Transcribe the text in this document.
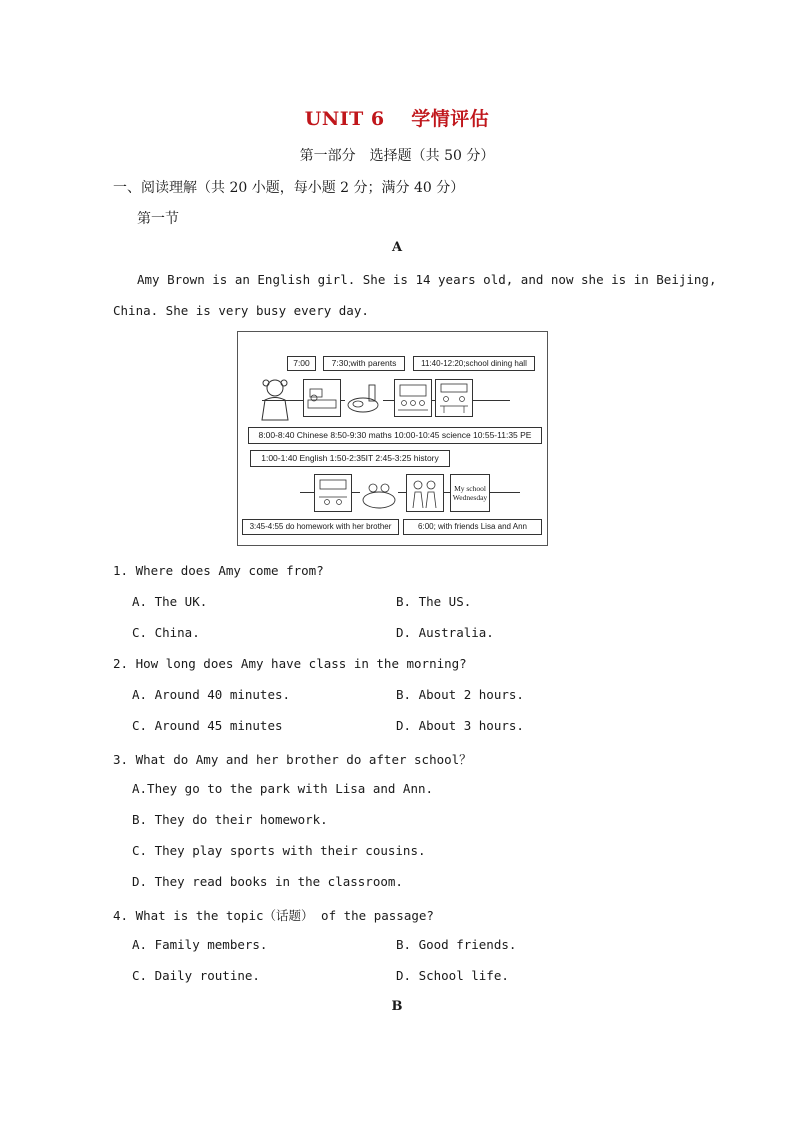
UNIT 6　 学情评估
第一部分　选择题（共 50 分）
一、阅读理解（共 20 小题，每小题 2 分；满分 40 分）
第一节
A
Amy Brown is an English girl. She is 14 years old, and now she is in Beijing,
China. She is very busy every day.
7:00	7:30;with parents	11:40-12:20;school dining hall
8:00-8:40 Chinese 8:50-9:30 maths 10:00-10:45 science 10:55-11:35 PE
1:00-1:40 English 1:50-2:35IT 2:45-3:25 history
My school
Wednesday
3:45-4:55 do homework with her brother	6:00; with friends Lisa and Ann
1. Where does Amy come from?
A. The UK.	B. The US.
C. China.	D. Australia.
2. How long does Amy have class in the morning?
A. Around 40 minutes.	B. About 2 hours.
C. Around 45 minutes	D. About 3 hours.
3. What do Amy and her brother do after school？
A.They go to the park with Lisa and Ann.
B. They do their homework.
C. They play sports with their cousins.
D. They read books in the classroom.
4. What is the topic（话题） of the passage?
A. Family members.	B. Good friends.
C. Daily routine.	D. School life.
B
